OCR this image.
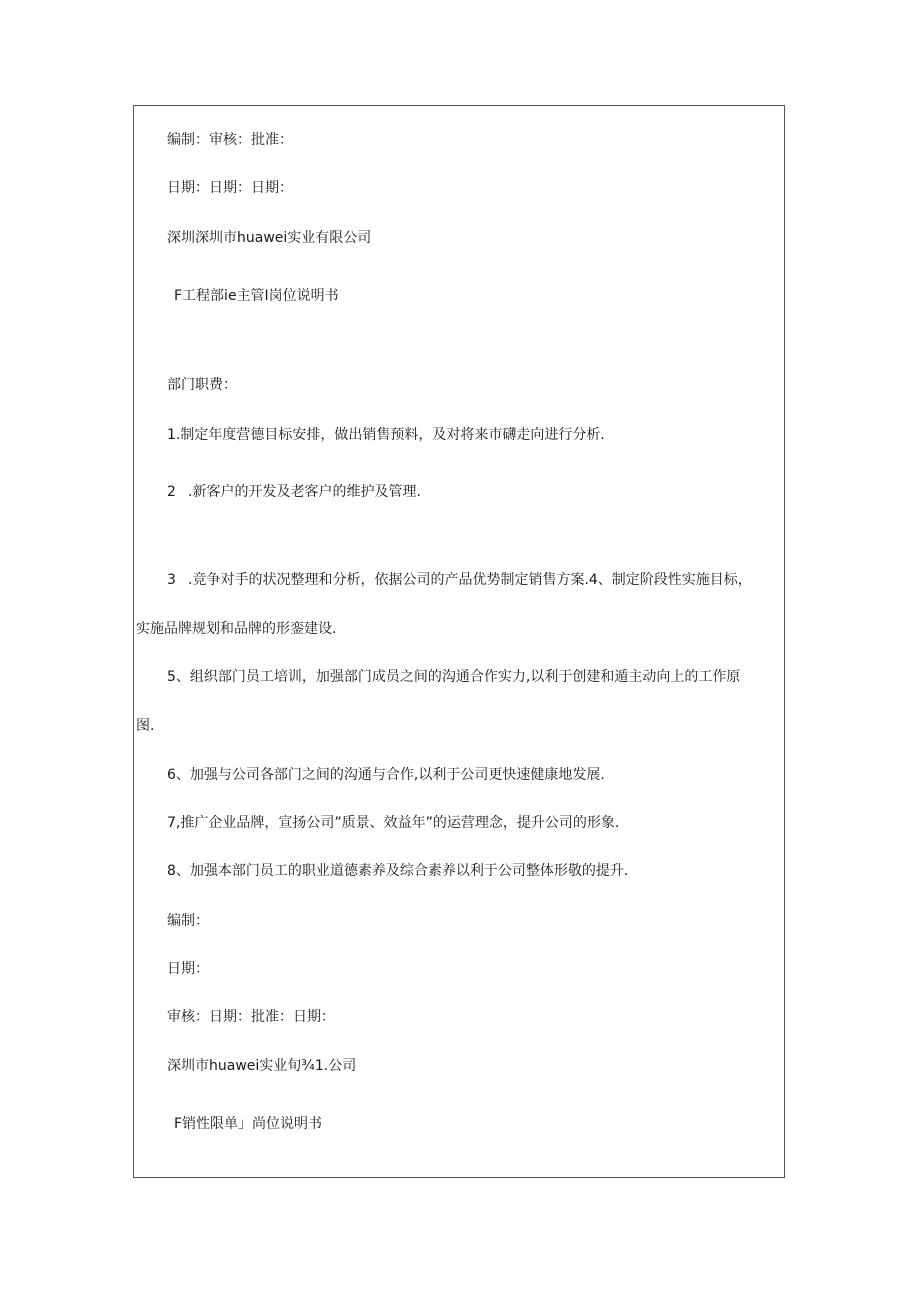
编制：审核：批准：
日期：日期：日期：
深圳深圳市huawei实业有限公司
F工程部ie主管I岗位说明书
部门职费：
1.制定年度营德目标安排，做出销售预料，及对将来市礴走向进行分析.
2 .新客户的开发及老客户的维护及管理.
3 .竞争对手的状况整理和分析，依据公司的产品优势制定销售方案.4、制定阶段性实施目标，
实施品牌规划和品牌的形銮建设.
5、组织部门员工培训，加强部门成员之间的沟通合作实力,以利于创建和遁主动向上的工作原
图.
6、加强与公司各部门之间的沟通与合作,以利于公司更快速健康地发展.
7,推广企业品牌，宣扬公司”质景、效益年”的运营理念，提升公司的形象.
8、加强本部门员工的职业道德素养及综合素养以利于公司整体形敬的提升.
编制：
日期：
审核：日期：批准：日期：
深圳市huawei实业旬¾1.公司
F销性限单」尚位说明书
